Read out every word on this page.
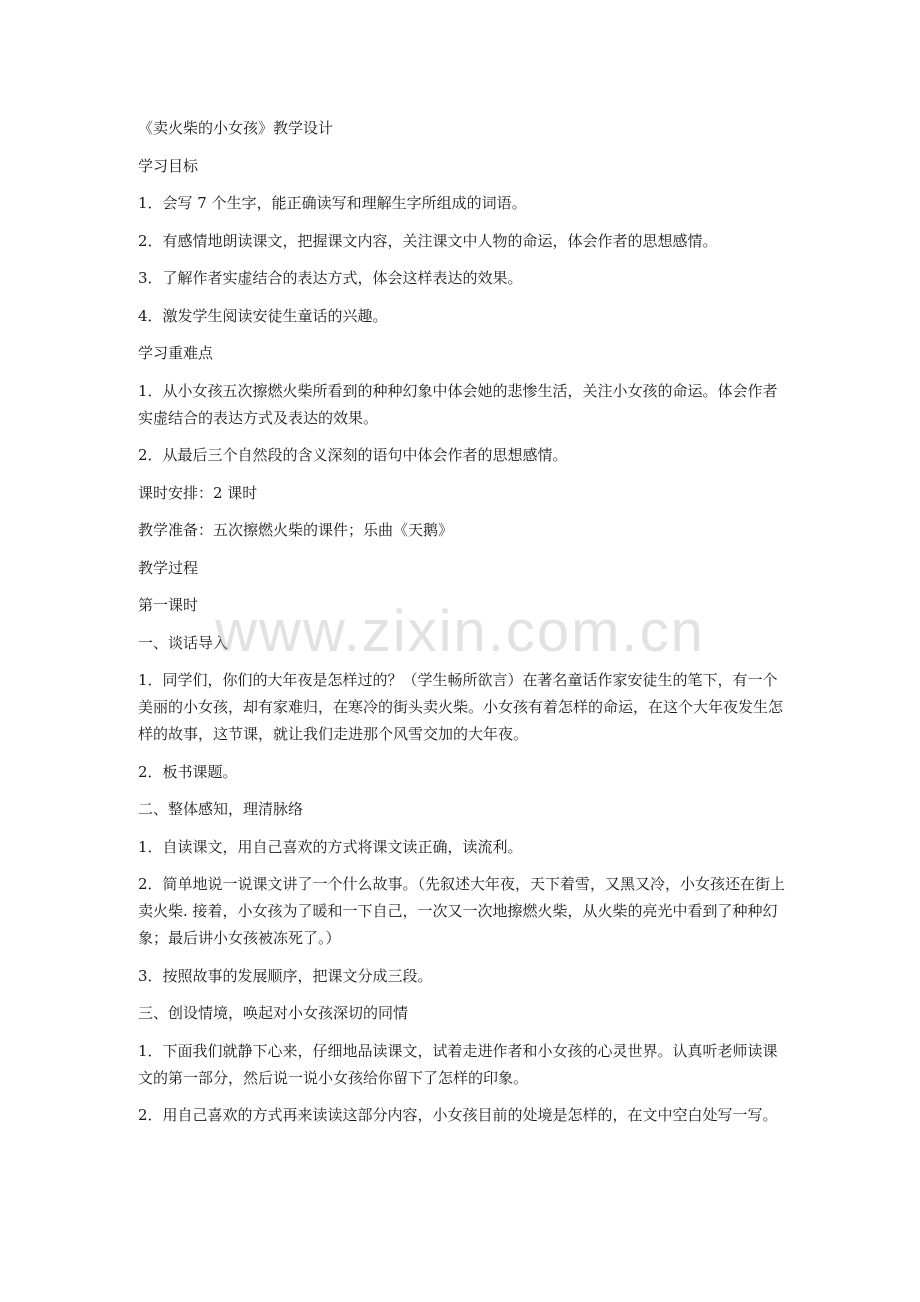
《卖火柴的小女孩》教学设计

学习目标

1．会写 7 个生字，能正确读写和理解生字所组成的词语。

2．有感情地朗读课文，把握课文内容，关注课文中人物的命运，体会作者的思想感情。

3．了解作者实虚结合的表达方式，体会这样表达的效果。

4．激发学生阅读安徒生童话的兴趣。

学习重难点

1．从小女孩五次擦燃火柴所看到的种种幻象中体会她的悲惨生活，关注小女孩的命运。体会作者实虚结合的表达方式及表达的效果。

2．从最后三个自然段的含义深刻的语句中体会作者的思想感情。

课时安排：2 课时

教学准备：五次擦燃火柴的课件；乐曲《天鹅》

教学过程

第一课时

一、谈话导入

1．同学们，你们的大年夜是怎样过的？（学生畅所欲言）在著名童话作家安徒生的笔下，有一个美丽的小女孩，却有家难归，在寒冷的街头卖火柴。小女孩有着怎样的命运，在这个大年夜发生怎样的故事，这节课，就让我们走进那个风雪交加的大年夜。

2．板书课题。

二、整体感知，理清脉络

1．自读课文，用自己喜欢的方式将课文读正确，读流利。

2．简单地说一说课文讲了一个什么故事。（先叙述大年夜，天下着雪，又黑又冷，小女孩还在街上卖火柴. 接着，小女孩为了暖和一下自己，一次又一次地擦燃火柴，从火柴的亮光中看到了种种幻象；最后讲小女孩被冻死了。）

3．按照故事的发展顺序，把课文分成三段。

三、创设情境，唤起对小女孩深切的同情

1．下面我们就静下心来，仔细地品读课文，试着走进作者和小女孩的心灵世界。认真听老师读课文的第一部分，然后说一说小女孩给你留下了怎样的印象。

2．用自己喜欢的方式再来读读这部分内容，小女孩目前的处境是怎样的，在文中空白处写一写。

www.zixin.com.cn
